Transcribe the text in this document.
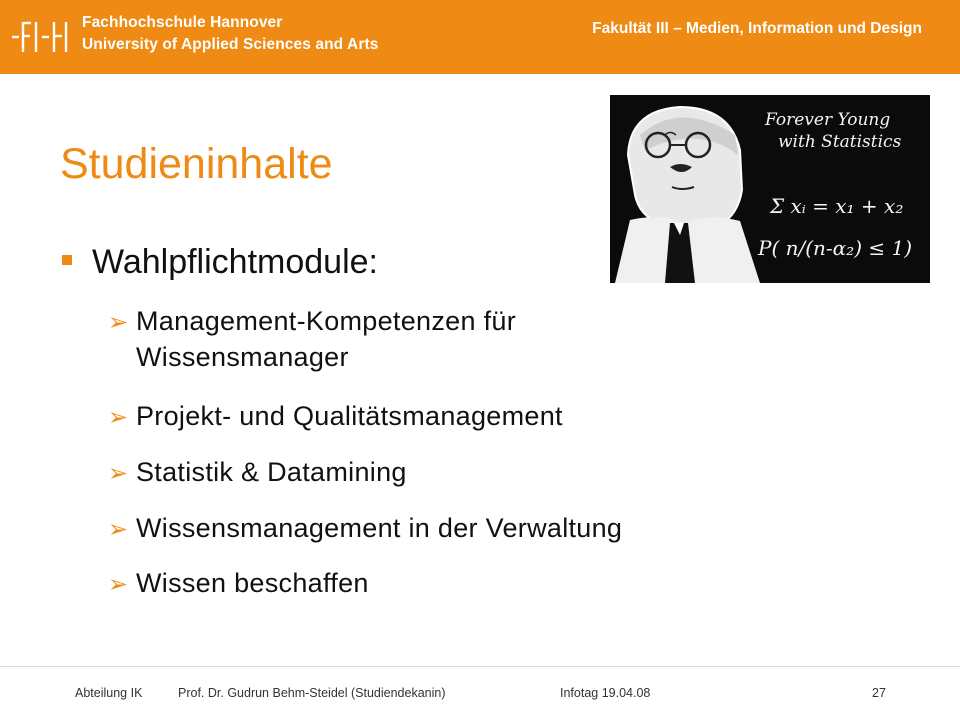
Fachhochschule Hannover
University of Applied Sciences and Arts
Fakultät III – Medien, Information und Design
Studieninhalte
Forever Young
with Statistics
Σ xᵢ = x₁ + x₂
P( n/(n-α₂) ≤ 1)
Wahlpflichtmodule:
➢ Management-Kompetenzen für
Wissensmanager
➢ Projekt- und Qualitätsmanagement
➢ Statistik & Datamining
➢ Wissensmanagement in der Verwaltung
➢ Wissen beschaffen
Abteilung IK	Prof. Dr. Gudrun Behm-Steidel (Studiendekanin)	Infotag 19.04.08	27
